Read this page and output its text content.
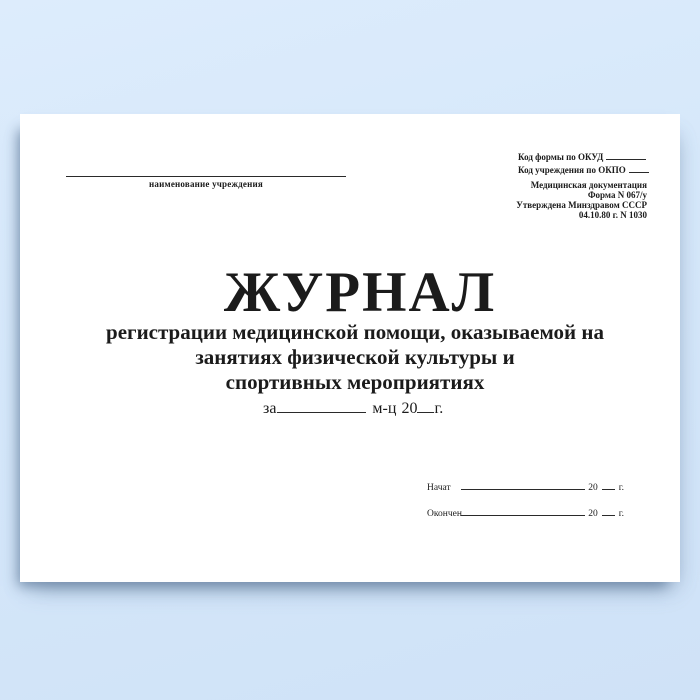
наименование учреждения
Код формы по ОКУД
Код учреждения по ОКПО
Медицинская документация
Форма N 067/у
Утверждена Минздравом СССР
04.10.80 г. N 1030
ЖУРНАЛ
регистрации медицинской помощи, оказываемой на
занятиях физической культуры и
спортивных мероприятиях
за	м-ц 20 г.
Начат	20 г.
Окончен	20 г.
